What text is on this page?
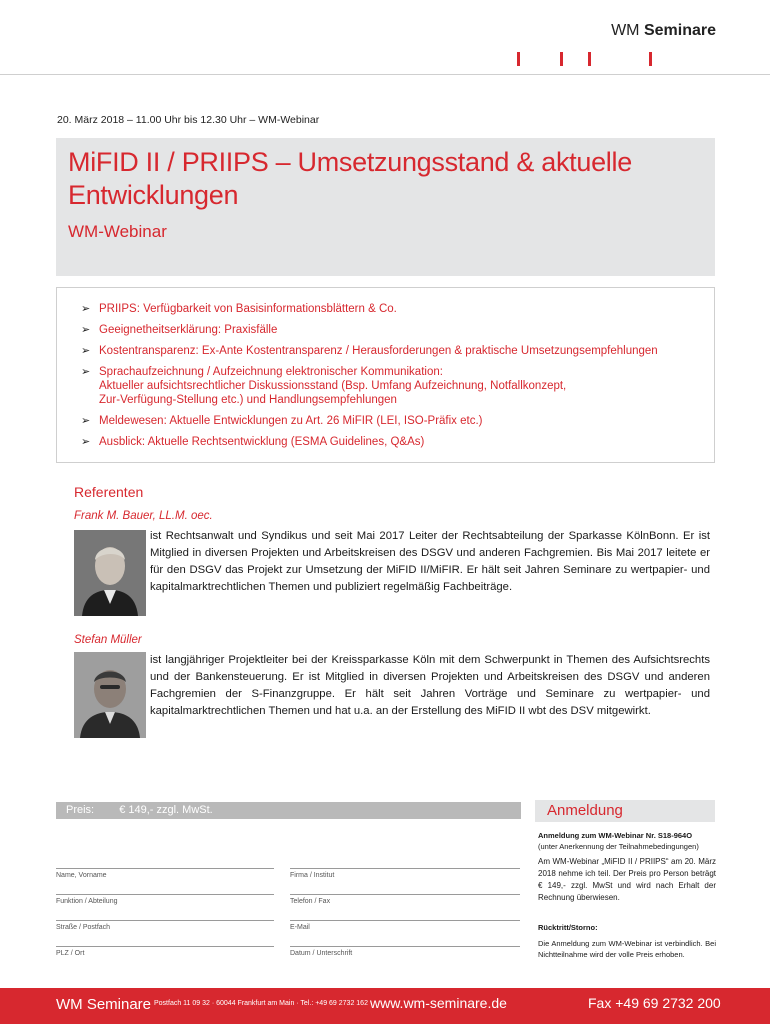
WM Seminare
20. März 2018 – 11.00 Uhr bis 12.30 Uhr – WM-Webinar
MiFID II / PRIIPS – Umsetzungsstand & aktuelle
Entwicklungen
WM-Webinar
➢ PRIIPS: Verfügbarkeit von Basisinformationsblättern & Co.
➢ Geeignetheitserklärung: Praxisfälle
➢ Kostentransparenz: Ex-Ante Kostentransparenz / Herausforderungen & praktische Umsetzungsempfehlungen
➢ Sprachaufzeichnung / Aufzeichnung elektronischer Kommunikation:
Aktueller aufsichtsrechtlicher Diskussionsstand (Bsp. Umfang Aufzeichnung, Notfallkonzept,
Zur-Verfügung-Stellung etc.) und Handlungsempfehlungen
➢ Meldewesen: Aktuelle Entwicklungen zu Art. 26 MiFIR (LEI, ISO-Präfix etc.)
➢ Ausblick: Aktuelle Rechtsentwicklung (ESMA Guidelines, Q&As)
Referenten
Frank M. Bauer, LL.M. oec.
ist Rechtsanwalt und Syndikus und seit Mai 2017 Leiter der Rechtsabteilung der Sparkasse KölnBonn. Er ist Mitglied in diversen Projekten und Arbeitskreisen des DSGV und anderen Fachgremien. Bis Mai 2017 leitete er für den DSGV das Projekt zur Umsetzung der MiFID II/MiFIR. Er hält seit Jahren Seminare zu wertpapier- und kapitalmarktrechtlichen Themen und publiziert regelmäßig Fachbeiträge.
Stefan Müller
ist langjähriger Projektleiter bei der Kreissparkasse Köln mit dem Schwerpunkt in Themen des Aufsichtsrechts und der Bankensteuerung. Er ist Mitglied in diversen Projekten und Arbeitskreisen des DSGV und anderen Fachgremien der S-Finanzgruppe. Er hält seit Jahren Vorträge und Seminare zu wertpapier- und kapitalmarktrechtlichen Themen und hat u.a. an der Erstellung des MiFID II wbt des DSV mitgewirkt.
Preis: € 149,- zzgl. MwSt.	Anmeldung
Anmeldung zum WM-Webinar Nr. S18-964O
(unter Anerkennung der Teilnahmebedingungen)
Am WM-Webinar „MiFID II / PRIIPS“ am 20. März 2018 nehme ich teil. Der Preis pro Person beträgt € 149,- zzgl. MwSt und wird nach Erhalt der Rechnung überwiesen.
Rücktritt/Storno:
Die Anmeldung zum WM-Webinar ist verbindlich. Bei Nichtteilnahme wird der volle Preis erhoben.
Name, Vorname	Firma / Institut
Funktion / Abteilung	Telefon / Fax
Straße / Postfach	E-Mail
PLZ / Ort	Datum / Unterschrift
WM Seminare Postfach 11 09 32 · 60044 Frankfurt am Main · Tel.: +49 69 2732 162 www.wm-seminare.de	Fax +49 69 2732 200
